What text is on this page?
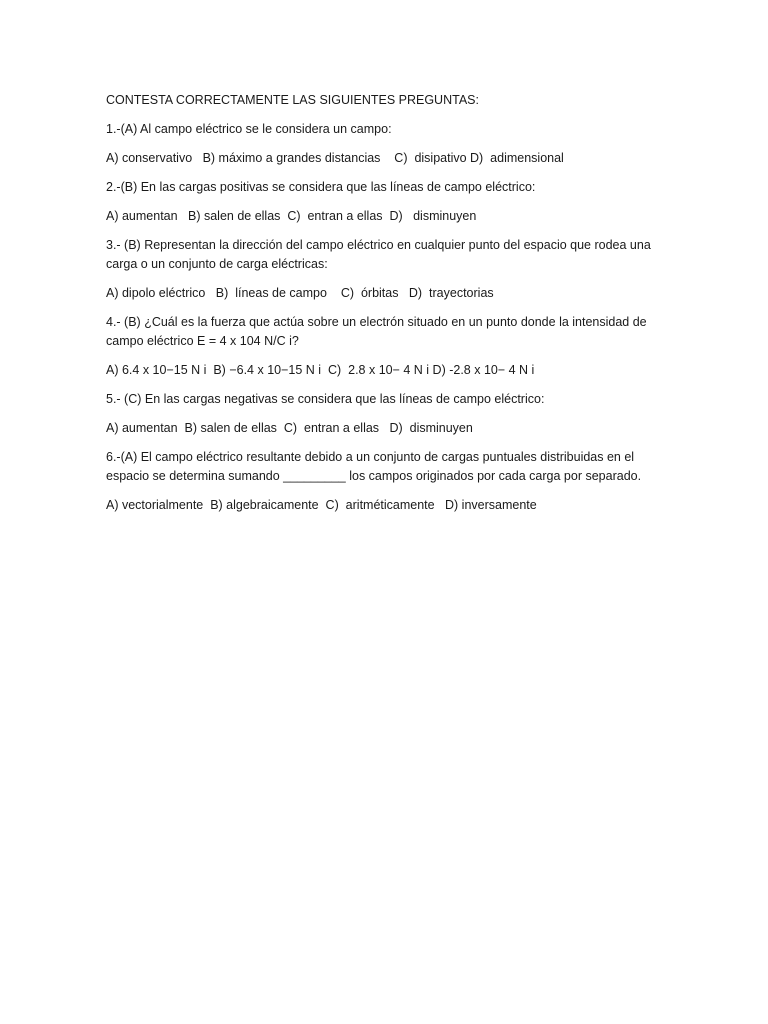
CONTESTA CORRECTAMENTE LAS SIGUIENTES PREGUNTAS:

1.-(A) Al campo eléctrico se le considera un campo:

A) conservativo   B) máximo a grandes distancias    C)  disipativo D)  adimensional

2.-(B) En las cargas positivas se considera que las líneas de campo eléctrico:

A) aumentan   B) salen de ellas  C)  entran a ellas  D)   disminuyen

3.- (B) Representan la dirección del campo eléctrico en cualquier punto del espacio que rodea una carga o un conjunto de carga eléctricas:

A) dipolo eléctrico   B)  líneas de campo    C)  órbitas   D)  trayectorias

4.- (B) ¿Cuál es la fuerza que actúa sobre un electrón situado en un punto donde la intensidad de campo eléctrico E = 4 x 104 N/C i?

A) 6.4 x 10−15 N i  B) −6.4 x 10−15 N i  C)  2.8 x 10− 4 N i D) -2.8 x 10− 4 N i

5.- (C) En las cargas negativas se considera que las líneas de campo eléctrico:

A) aumentan  B) salen de ellas  C)  entran a ellas   D)  disminuyen

6.-(A) El campo eléctrico resultante debido a un conjunto de cargas puntuales distribuidas en el espacio se determina sumando _________ los campos originados por cada carga por separado.

A) vectorialmente  B) algebraicamente  C)  aritméticamente   D) inversamente
